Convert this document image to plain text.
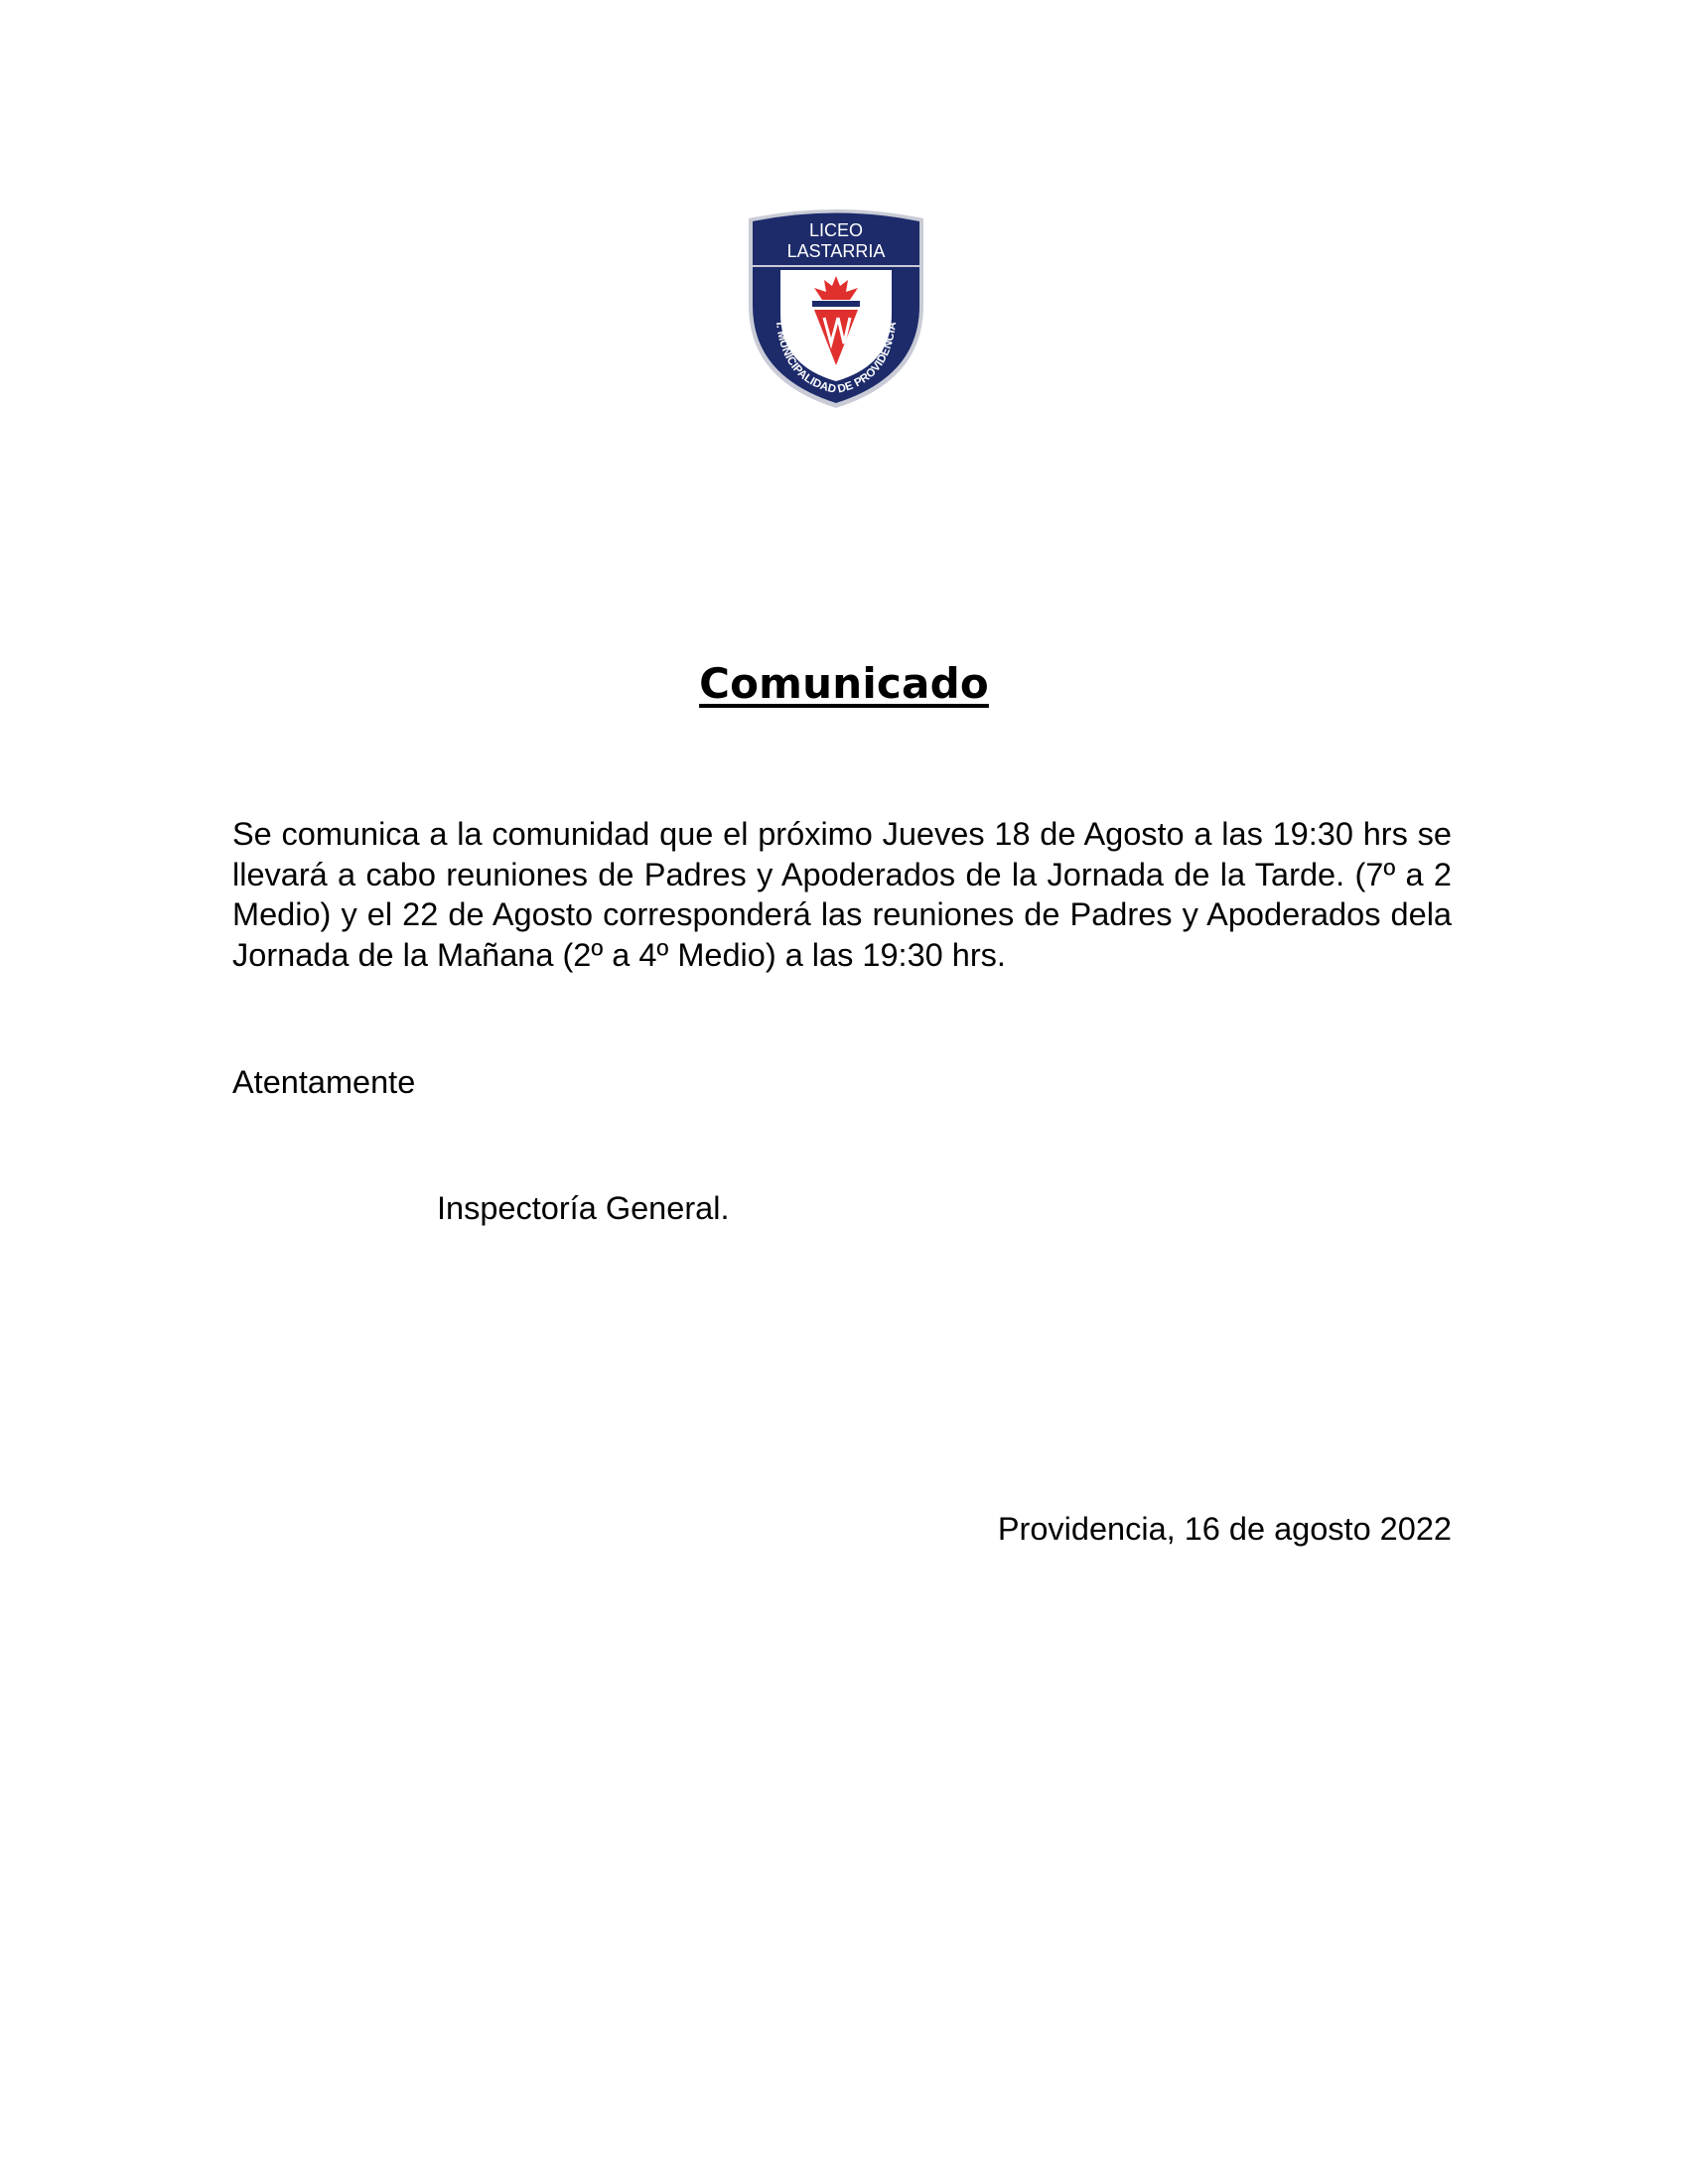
LICEO
LASTARRIA
I. MUNICIPALIDAD DE PROVIDENCIA
Comunicado
Se comunica a la comunidad que el próximo Jueves 18 de Agosto a las 19:30 hrs se llevará a cabo reuniones de Padres y Apoderados de la Jornada de la Tarde. (7º a 2 Medio) y el 22 de Agosto corresponderá las reuniones de Padres y Apoderados dela Jornada de la Mañana (2º a 4º Medio) a las 19:30 hrs.
Atentamente
Inspectoría General.
Providencia, 16 de agosto 2022
